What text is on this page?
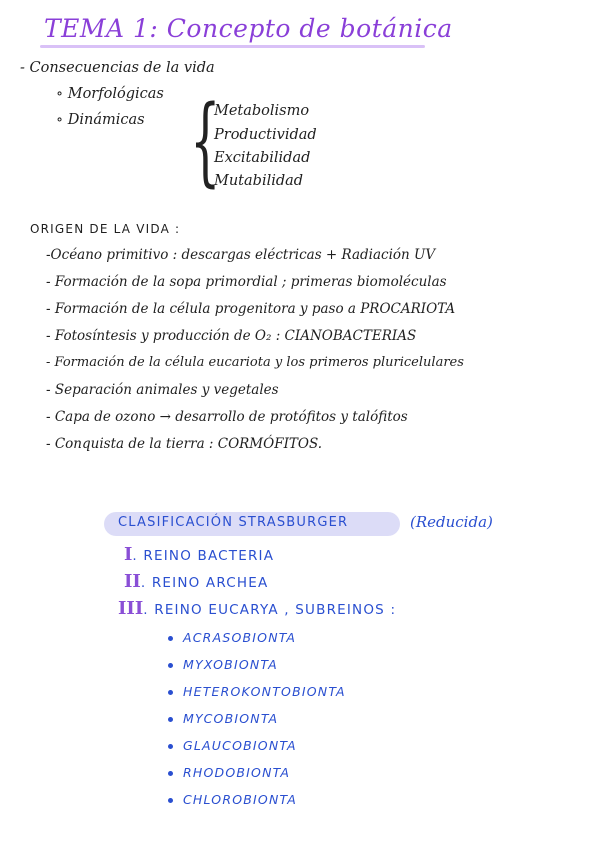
TEMA 1: Concepto de botánica
- Consecuencias de la vida
∘ Morfológicas
∘ Dinámicas {
Metabolismo
Productividad
Excitabilidad
Mutabilidad
ORIGEN DE LA VIDA :
-Océano primitivo : descargas eléctricas + Radiación UV
- Formación de la sopa primordial ; primeras biomoléculas
- Formación de la célula progenitora y paso a PROCARIOTA
- Fotosíntesis y producción de O₂ : CIANOBACTERIAS
- Formación de la célula eucariota y los primeros pluricelulares
- Separación animales y vegetales
- Capa de ozono → desarrollo de protófitos y talófitos
- Conquista de la tierra : CORMÓFITOS.
CLASIFICACIÓN STRASBURGER	(Reducida)
I. REINO BACTERIA
II. REINO ARCHEA
III. REINO EUCARYA , SUBREINOS :
ACRASOBIONTA
MYXOBIONTA
HETEROKONTOBIONTA
MYCOBIONTA
GLAUCOBIONTA
RHODOBIONTA
CHLOROBIONTA
